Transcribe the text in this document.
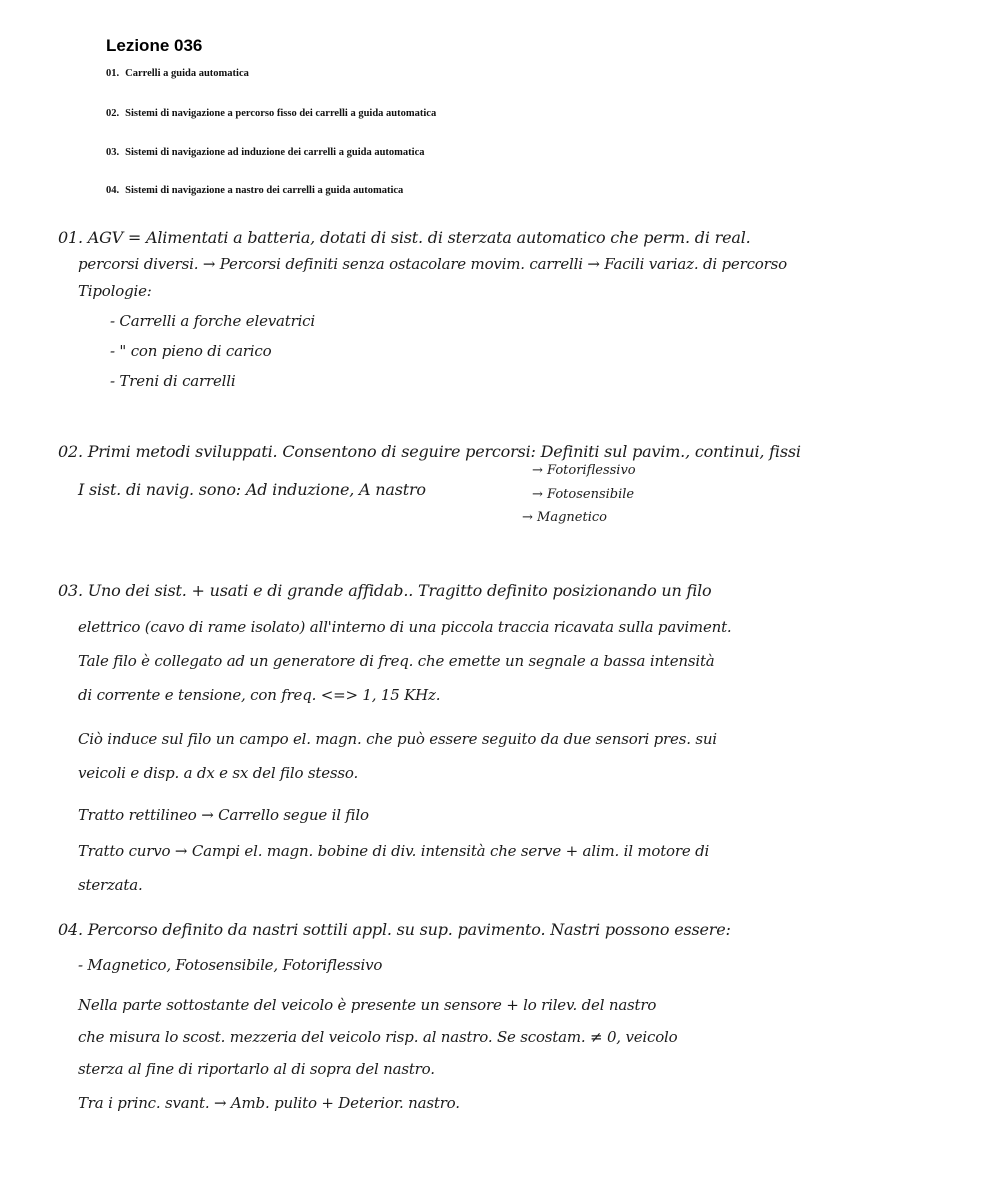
Lezione 036
01. Carrelli a guida automatica
02. Sistemi di navigazione a percorso fisso dei carrelli a guida automatica
03. Sistemi di navigazione ad induzione dei carrelli a guida automatica
04. Sistemi di navigazione a nastro dei carrelli a guida automatica
01. AGV = Alimentati a batteria, dotati di sist. di sterzata automatico che perm. di real.
percorsi diversi. → Percorsi definiti senza ostacolare movim. carrelli → Facili variaz. di percorso
Tipologie:
- Carrelli a forche elevatrici
- " con pieno di carico
- Treni di carrelli
02. Primi metodi sviluppati. Consentono di seguire percorsi: Definiti sul pavim., continui, fissi
I sist. di navig. sono: Ad induzione, A nastro
→ Fotoriflessivo
→ Fotosensibile
→ Magnetico
03. Uno dei sist. + usati e di grande affidab.. Tragitto definito posizionando un filo
elettrico (cavo di rame isolato) all'interno di una piccola traccia ricavata sulla paviment.
Tale filo è collegato ad un generatore di freq. che emette un segnale a bassa intensità
di corrente e tensione, con freq. <=> 1, 15 KHz.
Ciò induce sul filo un campo el. magn. che può essere seguito da due sensori pres. sui
veicoli e disp. a dx e sx del filo stesso.
Tratto rettilineo → Carrello segue il filo
Tratto curvo → Campi el. magn. bobine di div. intensità che serve + alim. il motore di
sterzata.
04. Percorso definito da nastri sottili appl. su sup. pavimento. Nastri possono essere:
- Magnetico, Fotosensibile, Fotoriflessivo
Nella parte sottostante del veicolo è presente un sensore + lo rilev. del nastro
che misura lo scost. mezzeria del veicolo risp. al nastro. Se scostam. ≠ 0, veicolo
sterza al fine di riportarlo al di sopra del nastro.
Tra i princ. svant. → Amb. pulito + Deterior. nastro.
